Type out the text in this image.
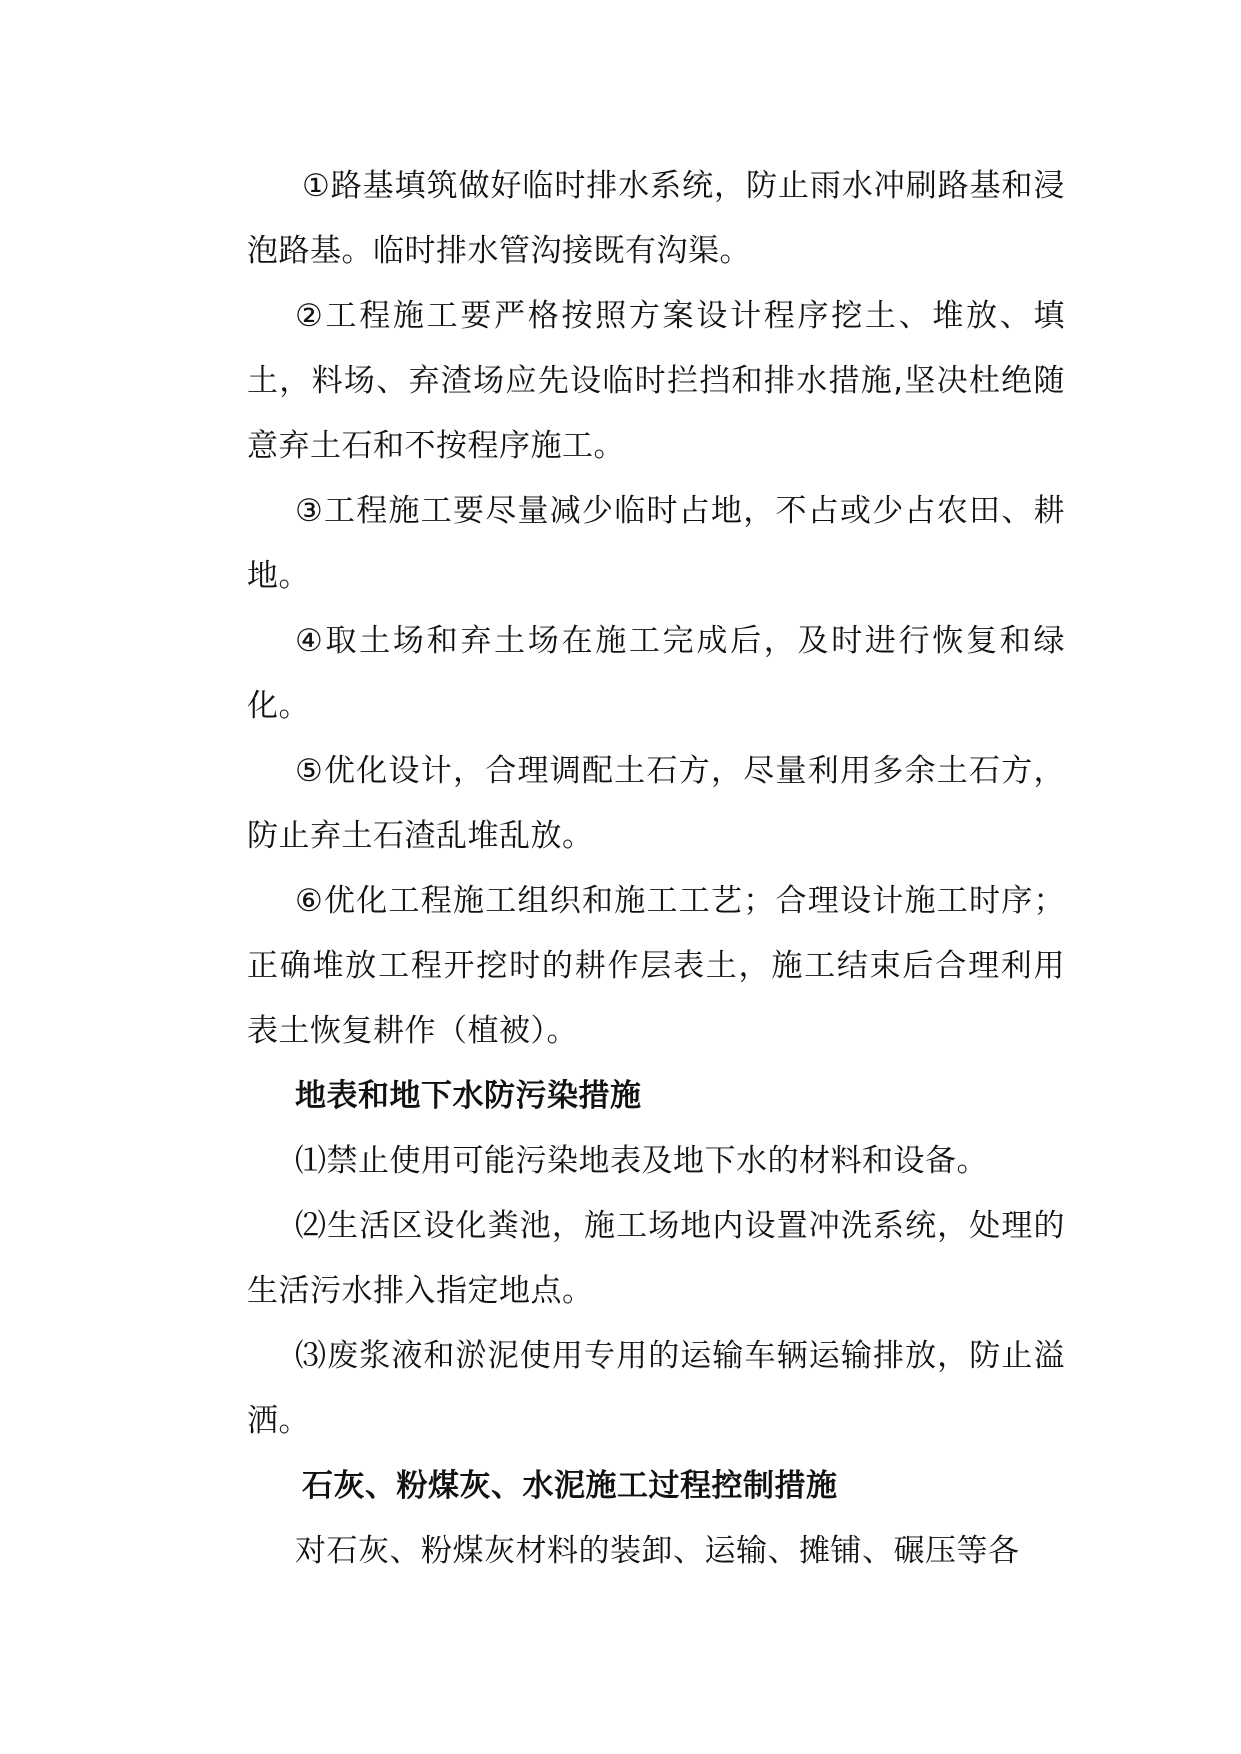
①路基填筑做好临时排水系统，防止雨水冲刷路基和浸泡路基。临时排水管沟接既有沟渠。

②工程施工要严格按照方案设计程序挖土、堆放、填土，料场、弃渣场应先设临时拦挡和排水措施,坚决杜绝随意弃土石和不按程序施工。

③工程施工要尽量减少临时占地，不占或少占农田、耕地。

④取土场和弃土场在施工完成后，及时进行恢复和绿化。

⑤优化设计，合理调配土石方，尽量利用多余土石方，防止弃土石渣乱堆乱放。

⑥优化工程施工组织和施工工艺；合理设计施工时序；正确堆放工程开挖时的耕作层表土，施工结束后合理利用表土恢复耕作（植被）。

地表和地下水防污染措施

⑴禁止使用可能污染地表及地下水的材料和设备。

⑵生活区设化粪池，施工场地内设置冲洗系统，处理的生活污水排入指定地点。

⑶废浆液和淤泥使用专用的运输车辆运输排放，防止溢洒。

石灰、粉煤灰、水泥施工过程控制措施

对石灰、粉煤灰材料的装卸、运输、摊铺、碾压等各
